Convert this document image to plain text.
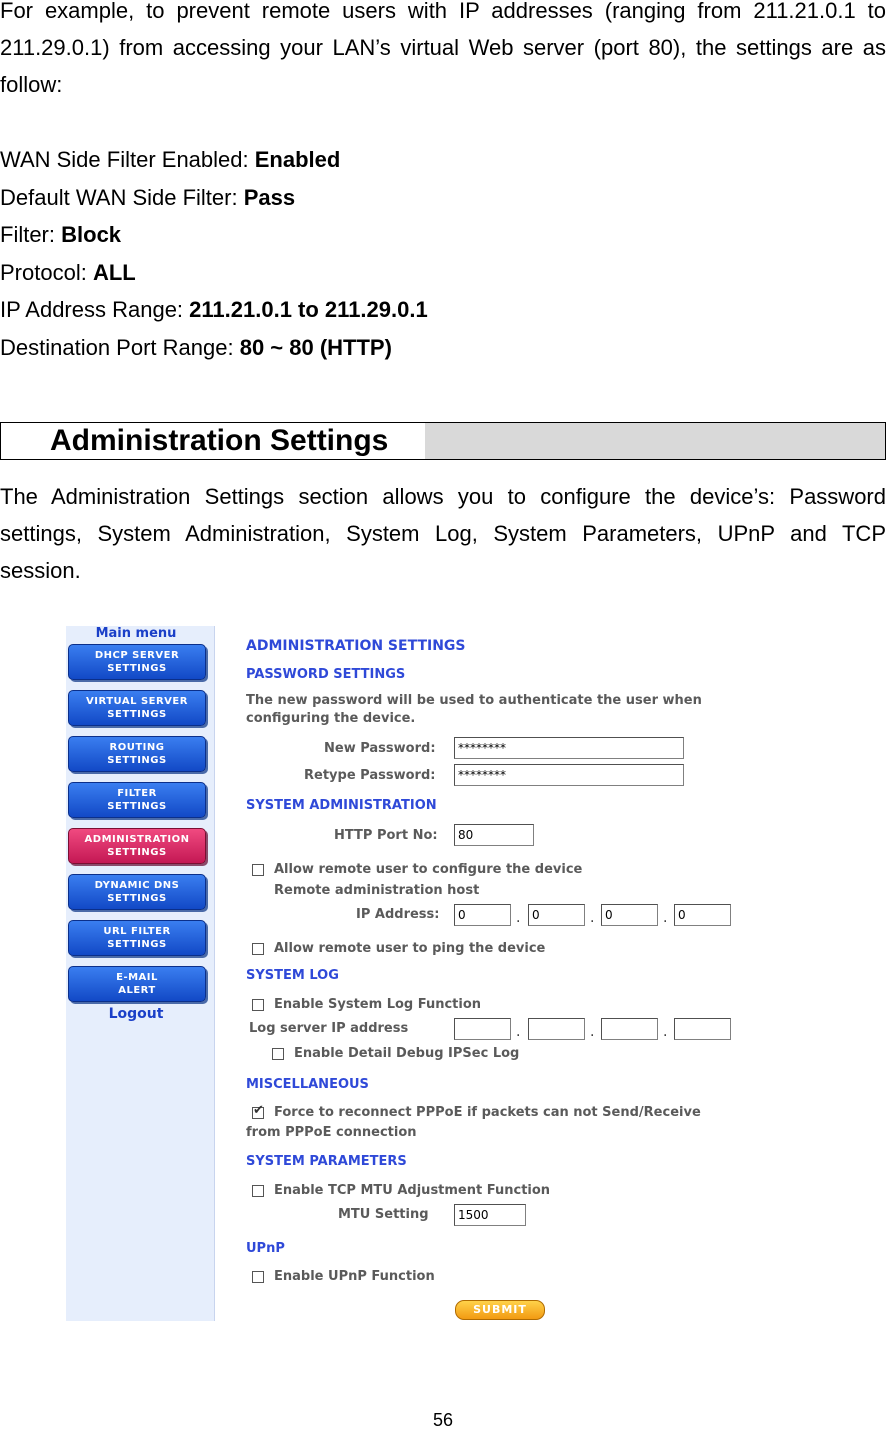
For example, to prevent remote users with IP addresses (ranging from 211.21.0.1 to 211.29.0.1) from accessing your LAN’s virtual Web server (port 80), the settings are as follow:

WAN Side Filter Enabled: Enabled
Default WAN Side Filter: Pass
Filter: Block
Protocol: ALL
IP Address Range: 211.21.0.1 to 211.29.0.1
Destination Port Range: 80 ~ 80 (HTTP)
Administration Settings

The Administration Settings section allows you to configure the device’s: Password settings, System Administration, System Log, System Parameters, UPnP and TCP session.

Main menu
DHCP SERVER
SETTINGS
VIRTUAL SERVER
SETTINGS
ROUTING
SETTINGS
FILTER
SETTINGS
ADMINISTRATION
SETTINGS
DYNAMIC DNS
SETTINGS
URL FILTER
SETTINGS
E-MAIL
ALERT
Logout
ADMINISTRATION SETTINGS
PASSWORD SETTINGS
The new password will be used to authenticate the user when
configuring the device.
New Password:	********
Retype Password:	********
SYSTEM ADMINISTRATION
HTTP Port No:	80
Allow remote user to configure the device
Remote administration host
IP Address:	0	. 0	. 0	. 0
Allow remote user to ping the device
SYSTEM LOG
Enable System Log Function
Log server IP address	.	.	.
Enable Detail Debug IPSec Log
MISCELLANEOUS
✔
Force to reconnect PPPoE if packets can not Send/Receive
from PPPoE connection
SYSTEM PARAMETERS
Enable TCP MTU Adjustment Function
MTU Setting	1500
UPnP
Enable UPnP Function
SUBMIT
56
